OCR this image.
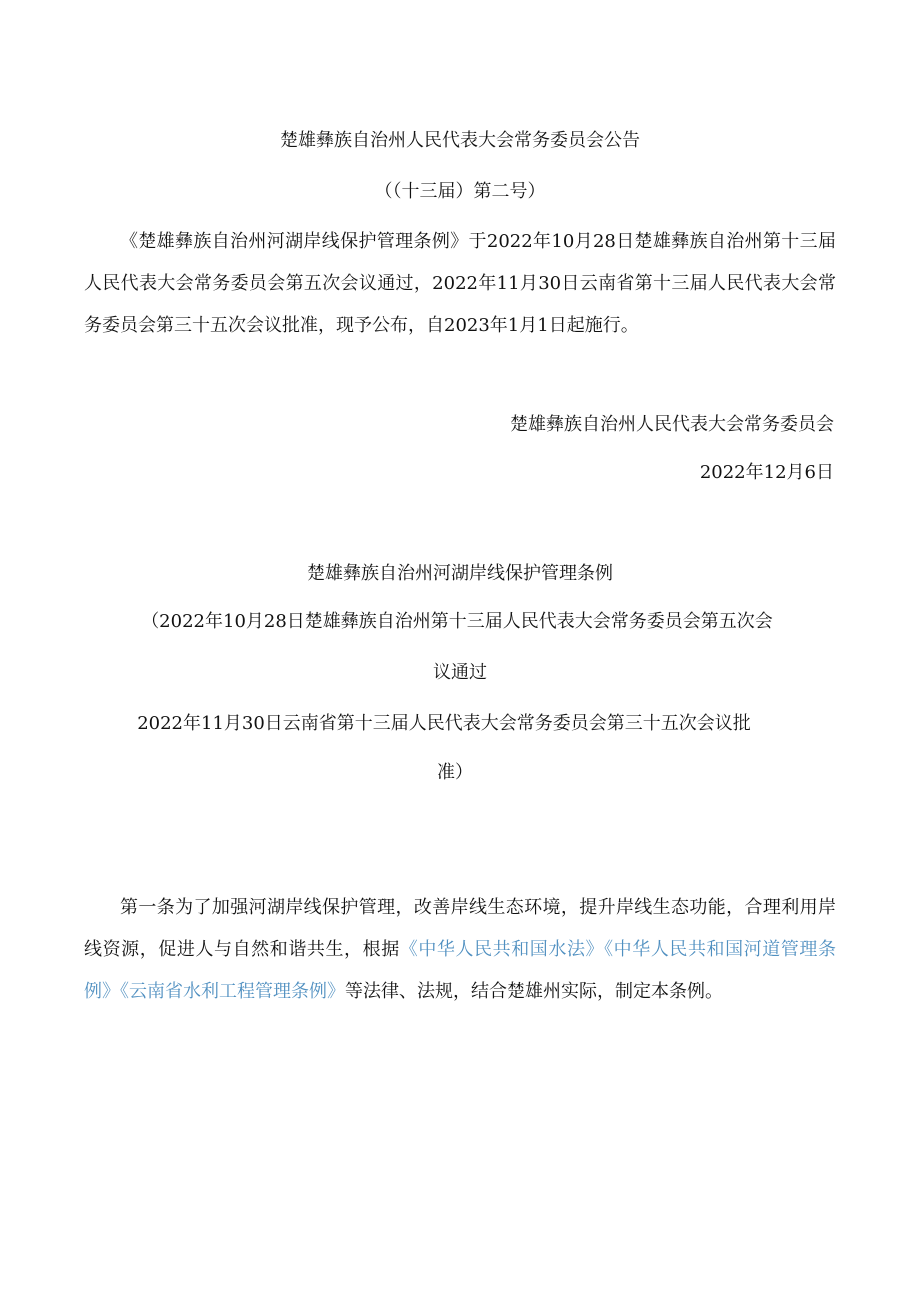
楚雄彝族自治州人民代表大会常务委员会公告
（（十三届）第二号）
《楚雄彝族自治州河湖岸线保护管理条例》于2022年10月28日楚雄彝族自治州第十三届人民代表大会常务委员会第五次会议通过，2022年11月30日云南省第十三届人民代表大会常务委员会第三十五次会议批准，现予公布，自2023年1月1日起施行。
楚雄彝族自治州人民代表大会常务委员会
2022年12月6日
楚雄彝族自治州河湖岸线保护管理条例
（2022年10月28日楚雄彝族自治州第十三届人民代表大会常务委员会第五次会
议通过
2022年11月30日云南省第十三届人民代表大会常务委员会第三十五次会议批
准）
第一条为了加强河湖岸线保护管理，改善岸线生态环境，提升岸线生态功能，合理利用岸线资源，促进人与自然和谐共生，根据《中华人民共和国水法》《中华人民共和国河道管理条例》《云南省水利工程管理条例》等法律、法规，结合楚雄州实际，制定本条例。
